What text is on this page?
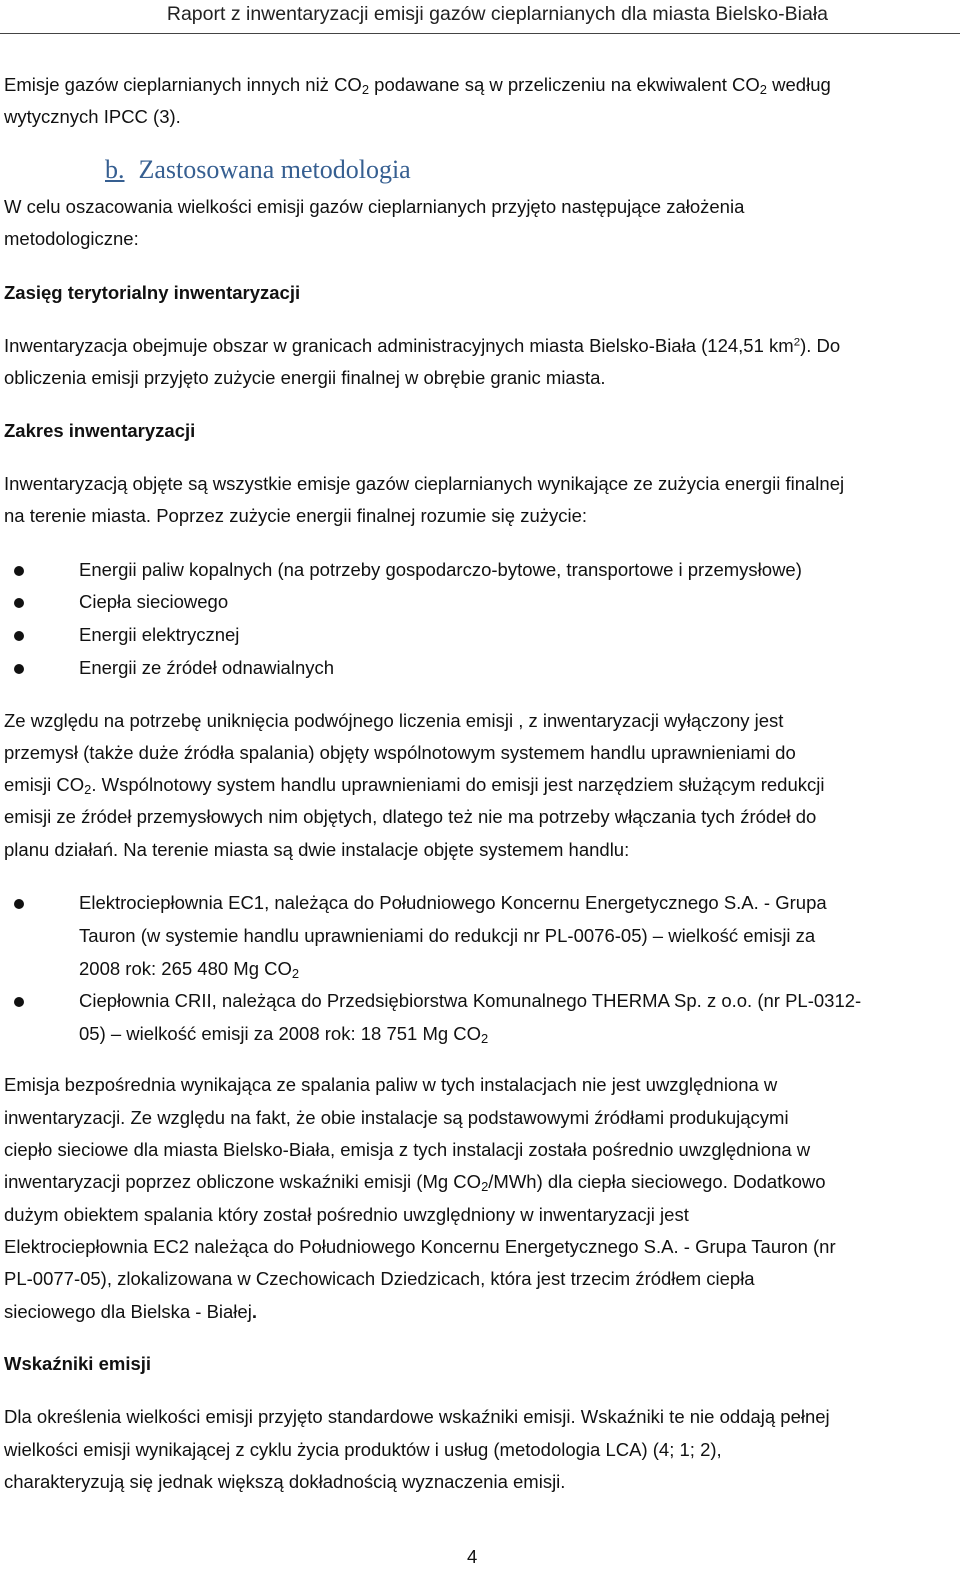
Raport z inwentaryzacji emisji gazów cieplarnianych dla miasta Bielsko-Biała

Emisje gazów cieplarnianych innych niż $CO_2$ podawane są w przeliczeniu na ekwiwalent $CO_2$ według

wytycznych IPCC (3).

b. Zastosowana metodologia

W celu oszacowania wielkości emisji gazów cieplarnianych przyjęto następujące założenia

metodologiczne:

Zasięg terytorialny inwentaryzacji

Inwentaryzacja obejmuje obszar w granicach administracyjnych miasta Bielsko-Biała (124,51 $km^2$). Do

obliczenia emisji przyjęto zużycie energii finalnej w obrębie granic miasta.

Zakres inwentaryzacji

Inwentaryzacją objęte są wszystkie emisje gazów cieplarnianych wynikające ze zużycia energii finalnej

na terenie miasta. Poprzez zużycie energii finalnej rozumie się zużycie:

Energii paliw kopalnych (na potrzeby gospodarczo-bytowe, transportowe i przemysłowe)
Ciepła sieciowego
Energii elektrycznej
Energii ze źródeł odnawialnych

Ze względu na potrzebę uniknięcia podwójnego liczenia emisji , z inwentaryzacji wyłączony jest

przemysł (także duże źródła spalania) objęty wspólnotowym systemem handlu uprawnieniami do

emisji $CO_2$. Wspólnotowy system handlu uprawnieniami do emisji jest narzędziem służącym redukcji

emisji ze źródeł przemysłowych nim objętych, dlatego też nie ma potrzeby włączania tych źródeł do

planu działań. Na terenie miasta są dwie instalacje objęte systemem handlu:

Elektrociepłownia EC1, należąca do Południowego Koncernu Energetycznego S.A. - Grupa
Tauron (w systemie handlu uprawnieniami do redukcji nr PL-0076-05) – wielkość emisji za
2008 rok: 265 480 Mg $CO_2$
Ciepłownia CRII, należąca do Przedsiębiorstwa Komunalnego THERMA Sp. z o.o. (nr PL-0312-
05) – wielkość emisji za 2008 rok: 18 751 Mg $CO_2$

Emisja bezpośrednia wynikająca ze spalania paliw w tych instalacjach nie jest uwzględniona w

inwentaryzacji. Ze względu na fakt, że obie instalacje są podstawowymi źródłami produkującymi

ciepło sieciowe dla miasta Bielsko-Biała, emisja z tych instalacji została pośrednio uwzględniona w

inwentaryzacji poprzez obliczone wskaźniki emisji (Mg $CO_2/MWh$) dla ciepła sieciowego. Dodatkowo

dużym obiektem spalania który został pośrednio uwzględniony w inwentaryzacji jest

Elektrociepłownia EC2 należąca do Południowego Koncernu Energetycznego S.A. - Grupa Tauron (nr

PL-0077-05), zlokalizowana w Czechowicach Dziedzicach, która jest trzecim źródłem ciepła

sieciowego dla Bielska - Białej.

Wskaźniki emisji

Dla określenia wielkości emisji przyjęto standardowe wskaźniki emisji. Wskaźniki te nie oddają pełnej

wielkości emisji wynikającej z cyklu życia produktów i usług (metodologia LCA) (4; 1; 2),

charakteryzują się jednak większą dokładnością wyznaczenia emisji.

4
